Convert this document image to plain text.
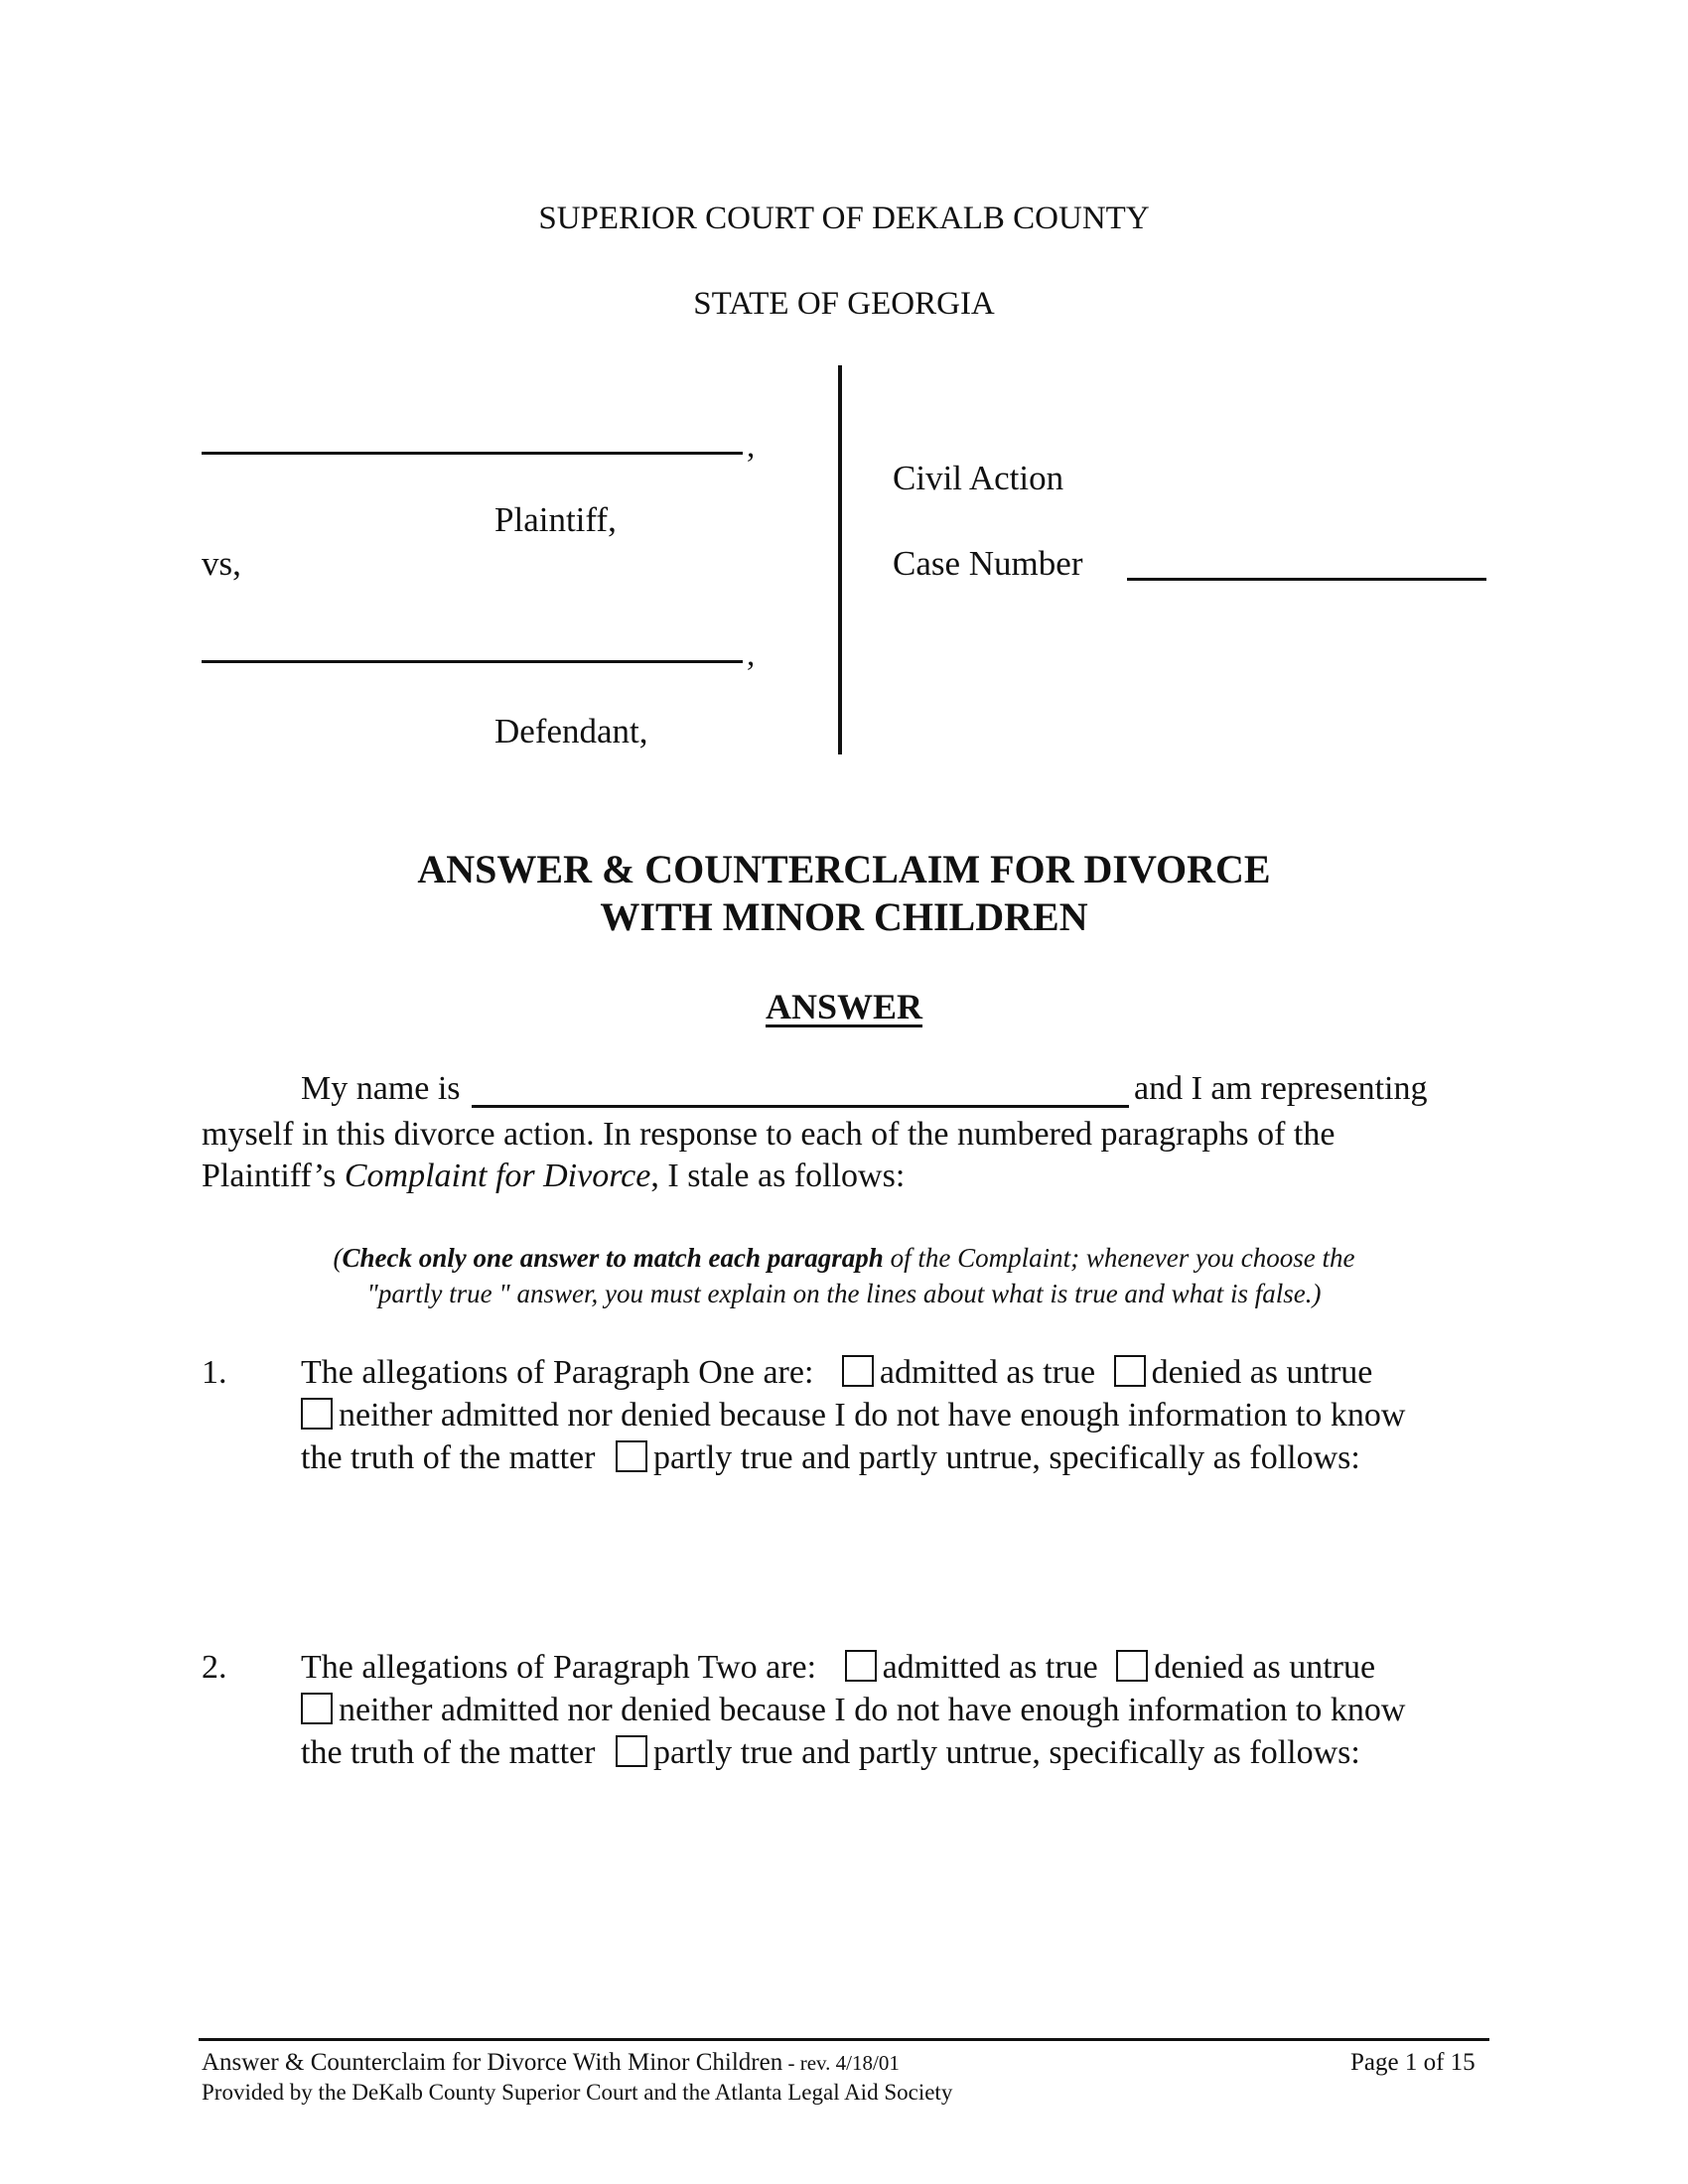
SUPERIOR COURT OF DEKALB COUNTY
STATE OF GEORGIA
,
Plaintiff,
vs,
,
Defendant,
Civil Action
Case Number
ANSWER & COUNTERCLAIM FOR DIVORCE
WITH MINOR CHILDREN
ANSWER
My name is	and I am representing
myself in this divorce action. In response to each of the numbered paragraphs of the
Plaintiff’s Complaint for Divorce, I stale as follows:
(Check only one answer to match each paragraph of the Complaint; whenever you choose the
"partly true " answer, you must explain on the lines about what is true and what is false.)
1. The allegations of Paragraph One are: admitted as true denied as untrue
neither admitted nor denied because I do not have enough information to know
the truth of the matter partly true and partly untrue, specifically as follows:
2. The allegations of Paragraph Two are: admitted as true denied as untrue
neither admitted nor denied because I do not have enough information to know
the truth of the matter partly true and partly untrue, specifically as follows:
Answer & Counterclaim for Divorce With Minor Children - rev. 4/18/01	Page 1 of 15
Provided by the DeKalb County Superior Court and the Atlanta Legal Aid Society
